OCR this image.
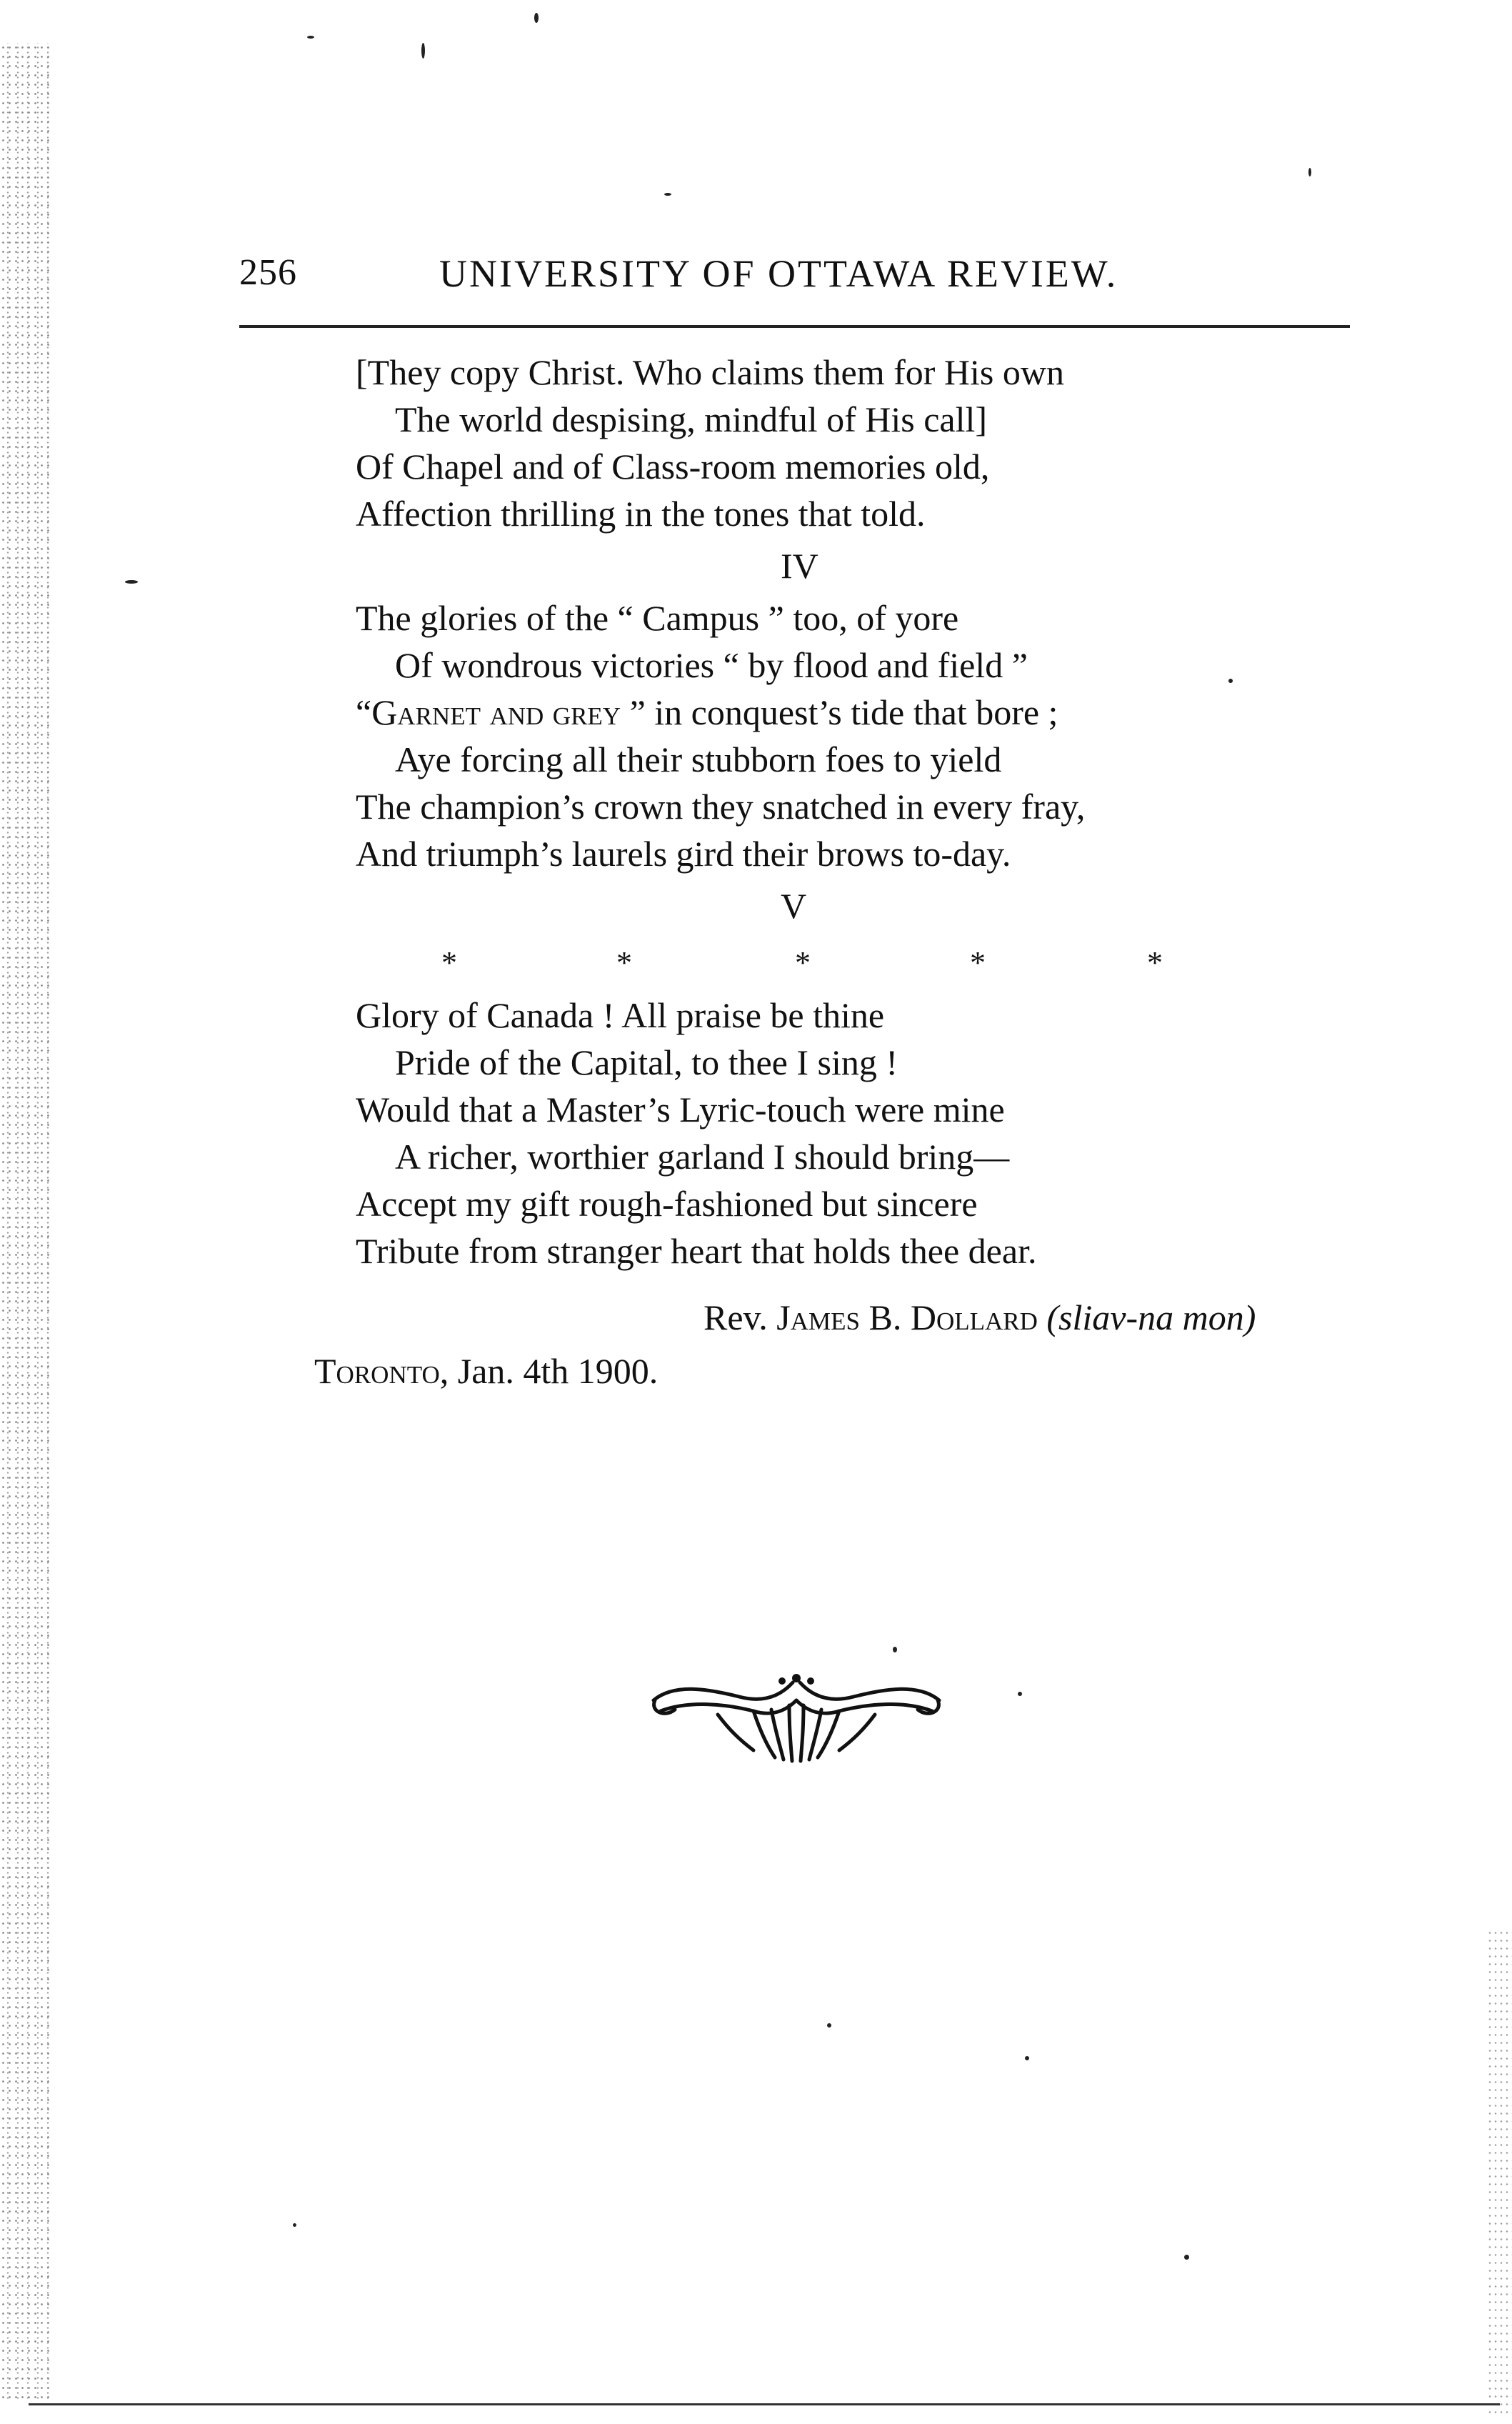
256	UNIVERSITY OF OTTAWA REVIEW.
[They copy Christ. Who claims them for His own
The world despising, mindful of His call]
Of Chapel and of Class-room memories old,
Affection thrilling in the tones that told.
IV
The glories of the “ Campus ” too, of yore
Of wondrous victories “ by flood and field ”
“Garnet and grey ” in conquest’s tide that bore ;
Aye forcing all their stubborn foes to yield
The champion’s crown they snatched in every fray,
And triumph’s laurels gird their brows to-day.
V
*	*	*	*	*
Glory of Canada ! All praise be thine
Pride of the Capital, to thee I sing !
Would that a Master’s Lyric-touch were mine
A richer, worthier garland I should bring—
Accept my gift rough-fashioned but sincere
Tribute from stranger heart that holds thee dear.
Rev. James B. Dollard (sliav-na mon)
Toronto, Jan. 4th 1900.
